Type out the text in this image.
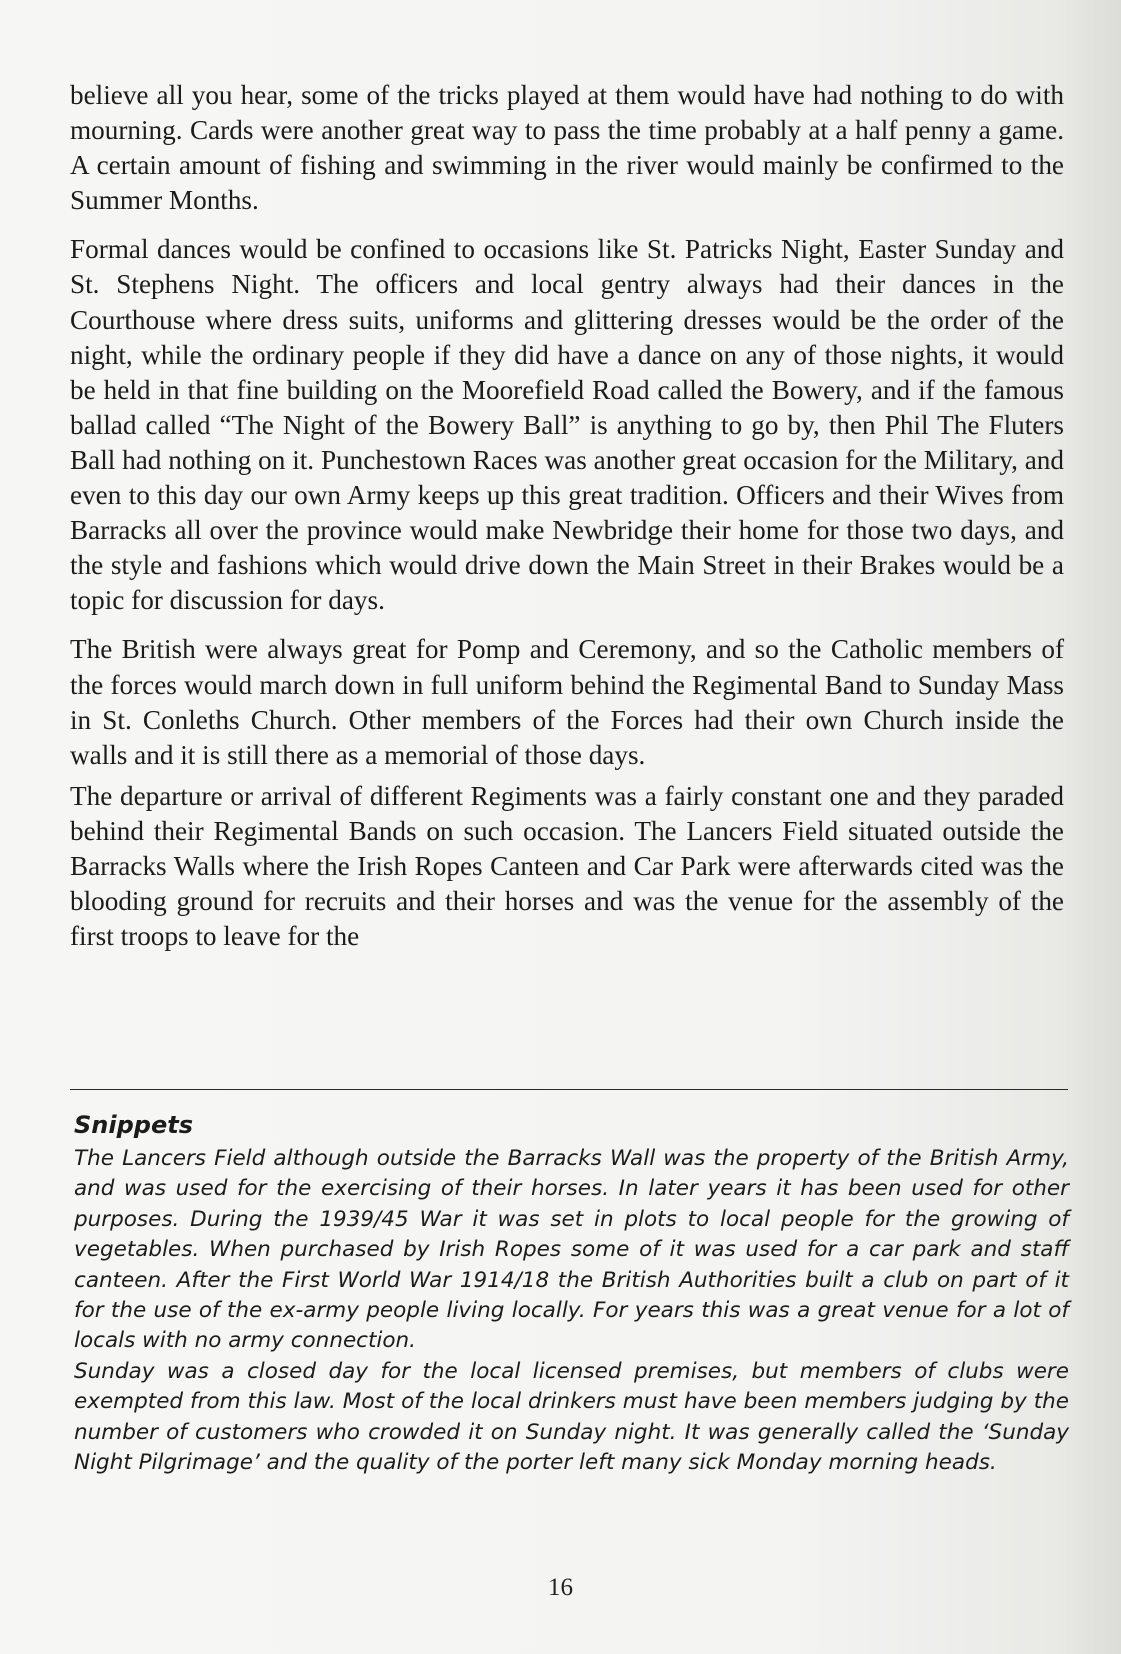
believe all you hear, some of the tricks played at them would have had nothing to do with mourning. Cards were another great way to pass the time probably at a half penny a game. A certain amount of fishing and swimming in the river would mainly be confirmed to the Summer Months.

Formal dances would be confined to occasions like St. Patricks Night, Easter Sunday and St. Stephens Night. The officers and local gentry always had their dances in the Courthouse where dress suits, uniforms and glittering dresses would be the order of the night, while the ordinary people if they did have a dance on any of those nights, it would be held in that fine building on the Moorefield Road called the Bowery, and if the famous ballad called “The Night of the Bowery Ball” is anything to go by, then Phil The Fluters Ball had nothing on it. Punchestown Races was another great occasion for the Military, and even to this day our own Army keeps up this great tradition. Officers and their Wives from Barracks all over the province would make Newbridge their home for those two days, and the style and fashions which would drive down the Main Street in their Brakes would be a topic for discussion for days.

The British were always great for Pomp and Ceremony, and so the Catholic members of the forces would march down in full uniform behind the Regimental Band to Sunday Mass in St. Conleths Church. Other members of the Forces had their own Church inside the walls and it is still there as a memorial of those days.

The departure or arrival of different Regiments was a fairly constant one and they paraded behind their Regimental Bands on such occasion. The Lancers Field situated outside the Barracks Walls where the Irish Ropes Canteen and Car Park were afterwards cited was the blooding ground for recruits and their horses and was the venue for the assembly of the first troops to leave for the

Snippets

The Lancers Field although outside the Barracks Wall was the property of the British Army, and was used for the exercising of their horses. In later years it has been used for other purposes. During the 1939/45 War it was set in plots to local people for the growing of vegetables. When purchased by Irish Ropes some of it was used for a car park and staff canteen. After the First World War 1914/18 the British Authorities built a club on part of it for the use of the ex-army people living locally. For years this was a great venue for a lot of locals with no army connection.

Sunday was a closed day for the local licensed premises, but members of clubs were exempted from this law. Most of the local drinkers must have been members judging by the number of customers who crowded it on Sunday night. It was generally called the ‘Sunday Night Pilgrimage’ and the quality of the porter left many sick Monday morning heads.

16
